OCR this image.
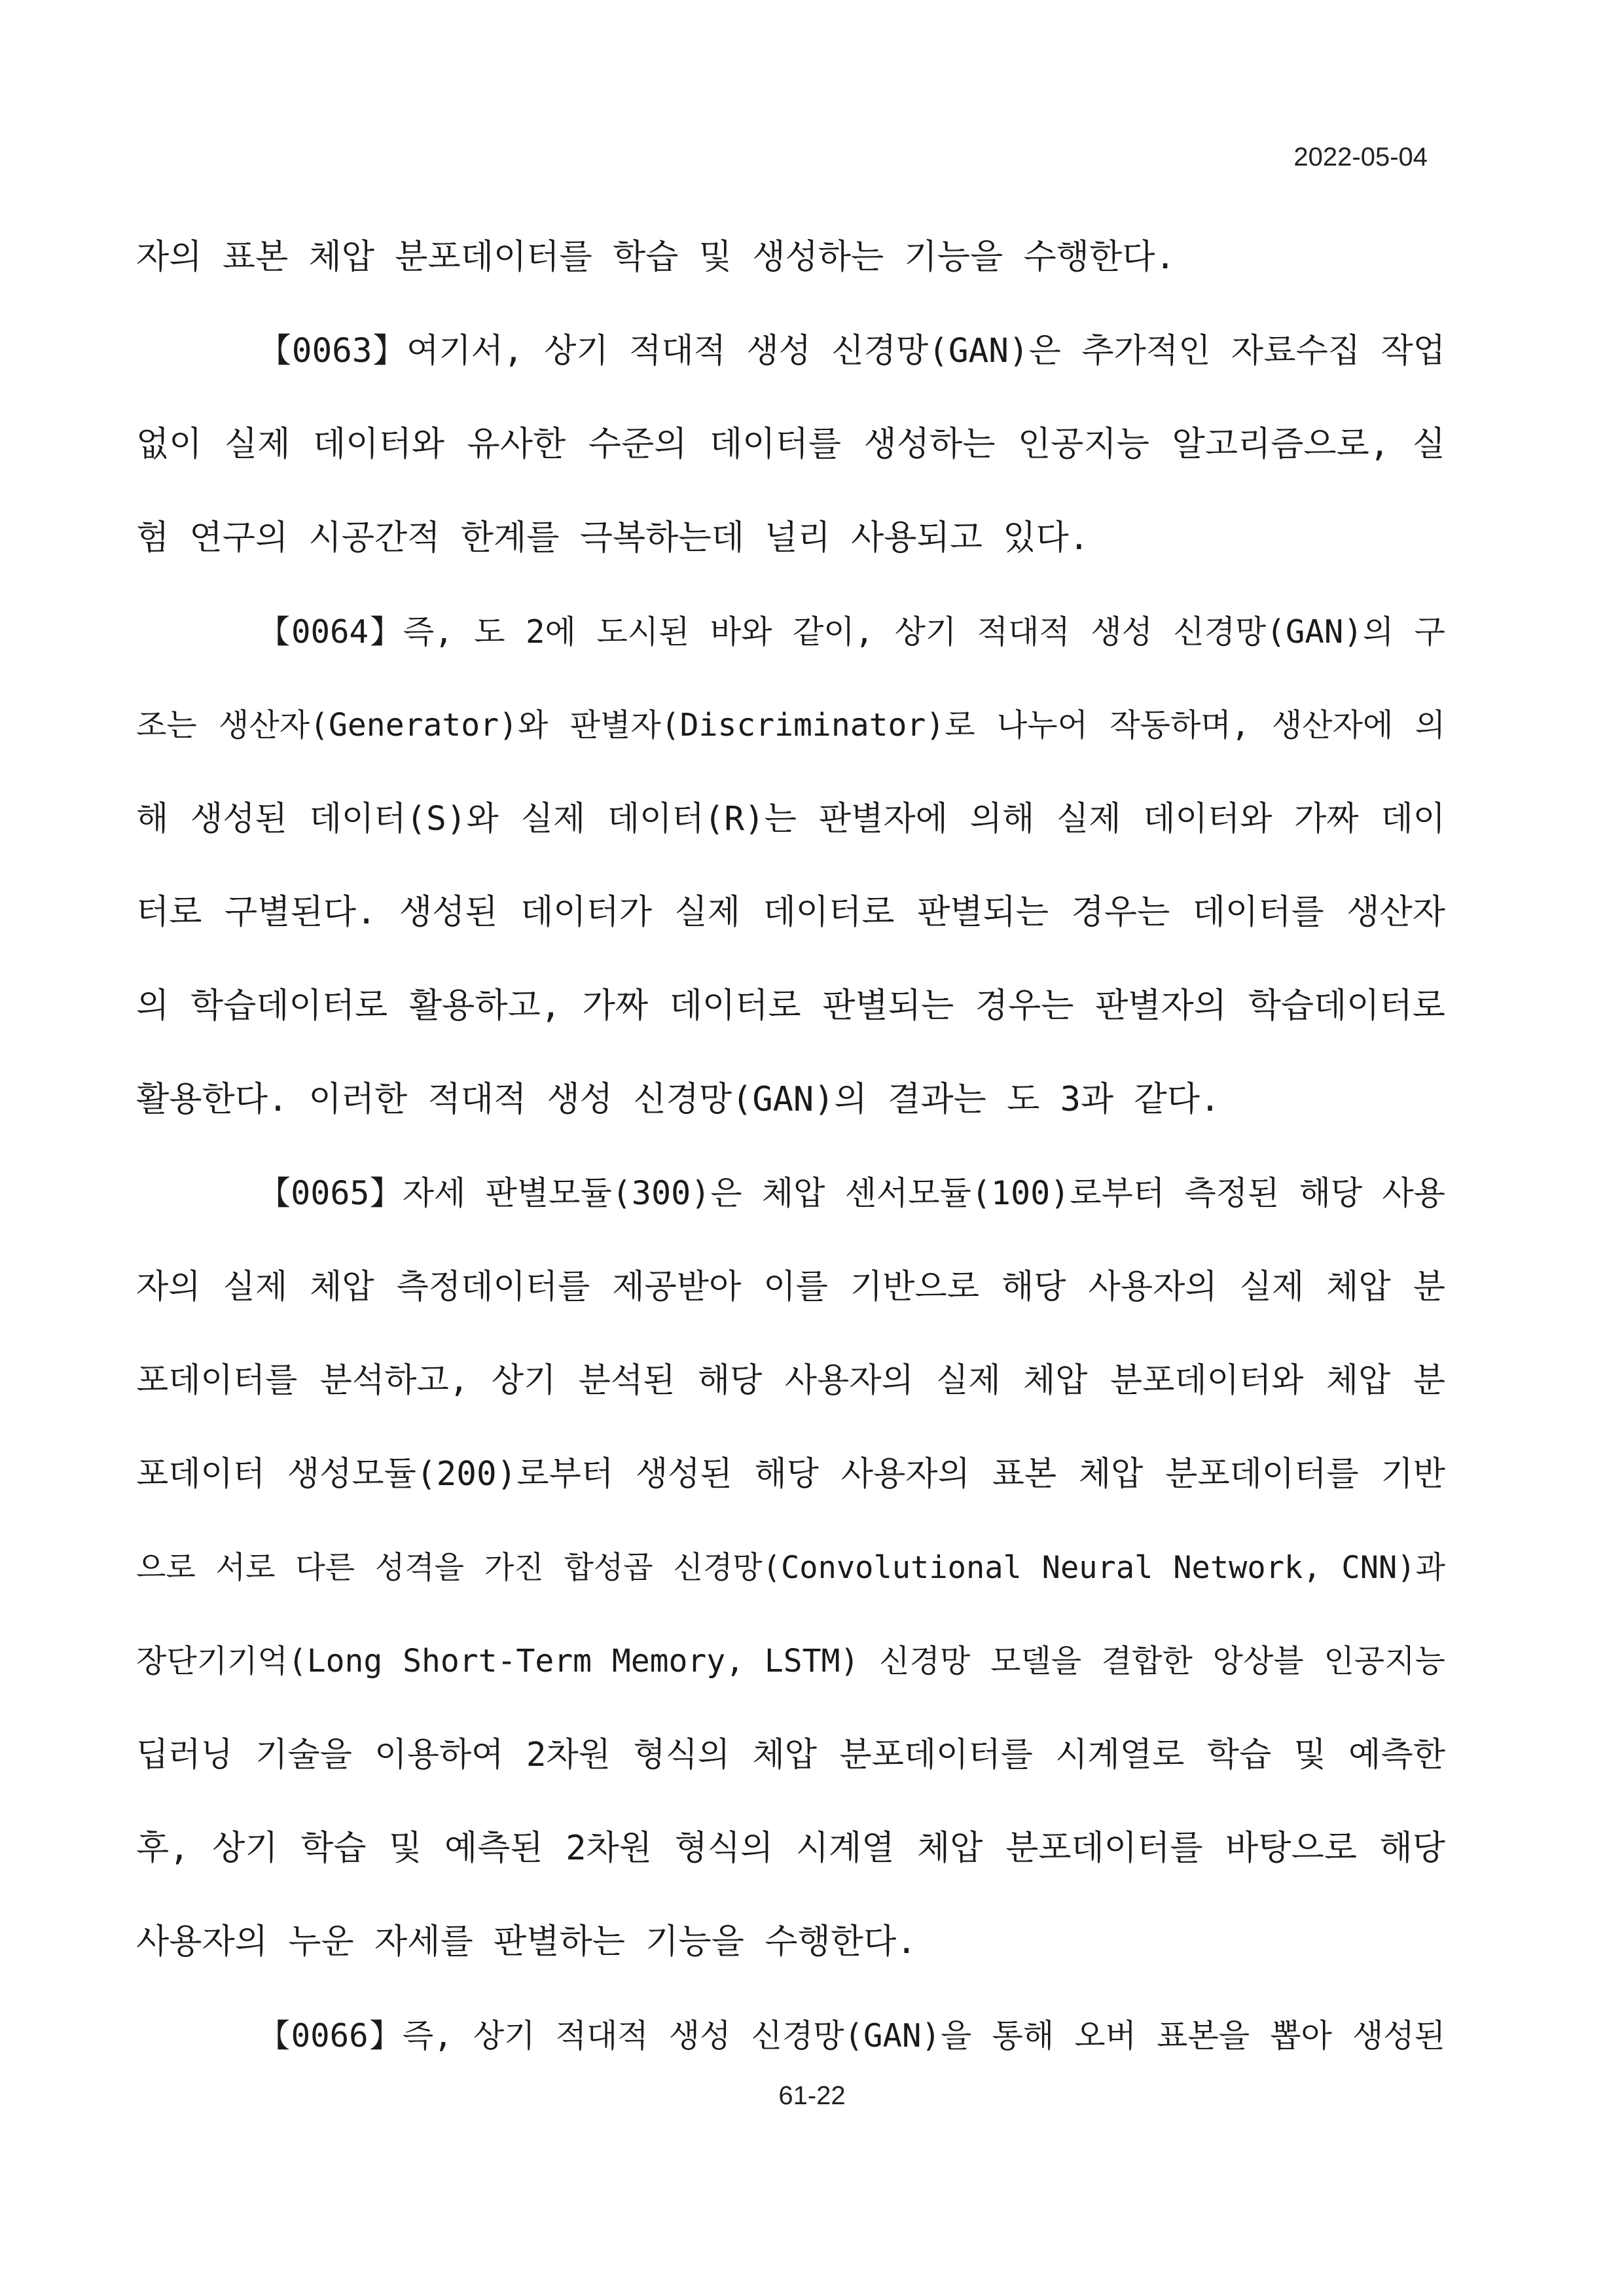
2022-05-04
자의 표본 체압 분포데이터를 학습 및 생성하는 기능을 수행한다.
【0063】여기서, 상기 적대적 생성 신경망(GAN)은 추가적인 자료수집 작업
없이 실제 데이터와 유사한 수준의 데이터를 생성하는 인공지능 알고리즘으로, 실
험 연구의 시공간적 한계를 극복하는데 널리 사용되고 있다.
【0064】즉, 도 2에 도시된 바와 같이, 상기 적대적 생성 신경망(GAN)의 구
조는 생산자(Generator)와 판별자(Discriminator)로 나누어 작동하며, 생산자에 의
해 생성된 데이터(S)와 실제 데이터(R)는 판별자에 의해 실제 데이터와 가짜 데이
터로 구별된다. 생성된 데이터가 실제 데이터로 판별되는 경우는 데이터를 생산자
의 학습데이터로 활용하고, 가짜 데이터로 판별되는 경우는 판별자의 학습데이터로
활용한다. 이러한 적대적 생성 신경망(GAN)의 결과는 도 3과 같다.
【0065】자세 판별모듈(300)은 체압 센서모듈(100)로부터 측정된 해당 사용
자의 실제 체압 측정데이터를 제공받아 이를 기반으로 해당 사용자의 실제 체압 분
포데이터를 분석하고, 상기 분석된 해당 사용자의 실제 체압 분포데이터와 체압 분
포데이터 생성모듈(200)로부터 생성된 해당 사용자의 표본 체압 분포데이터를 기반
으로 서로 다른 성격을 가진 합성곱 신경망(Convolutional Neural Network, CNN)과
장단기기억(Long Short-Term Memory, LSTM) 신경망 모델을 결합한 앙상블 인공지능
딥러닝 기술을 이용하여 2차원 형식의 체압 분포데이터를 시계열로 학습 및 예측한
후, 상기 학습 및 예측된 2차원 형식의 시계열 체압 분포데이터를 바탕으로 해당
사용자의 누운 자세를 판별하는 기능을 수행한다.
【0066】즉, 상기 적대적 생성 신경망(GAN)을 통해 오버 표본을 뽑아 생성된
61-22
